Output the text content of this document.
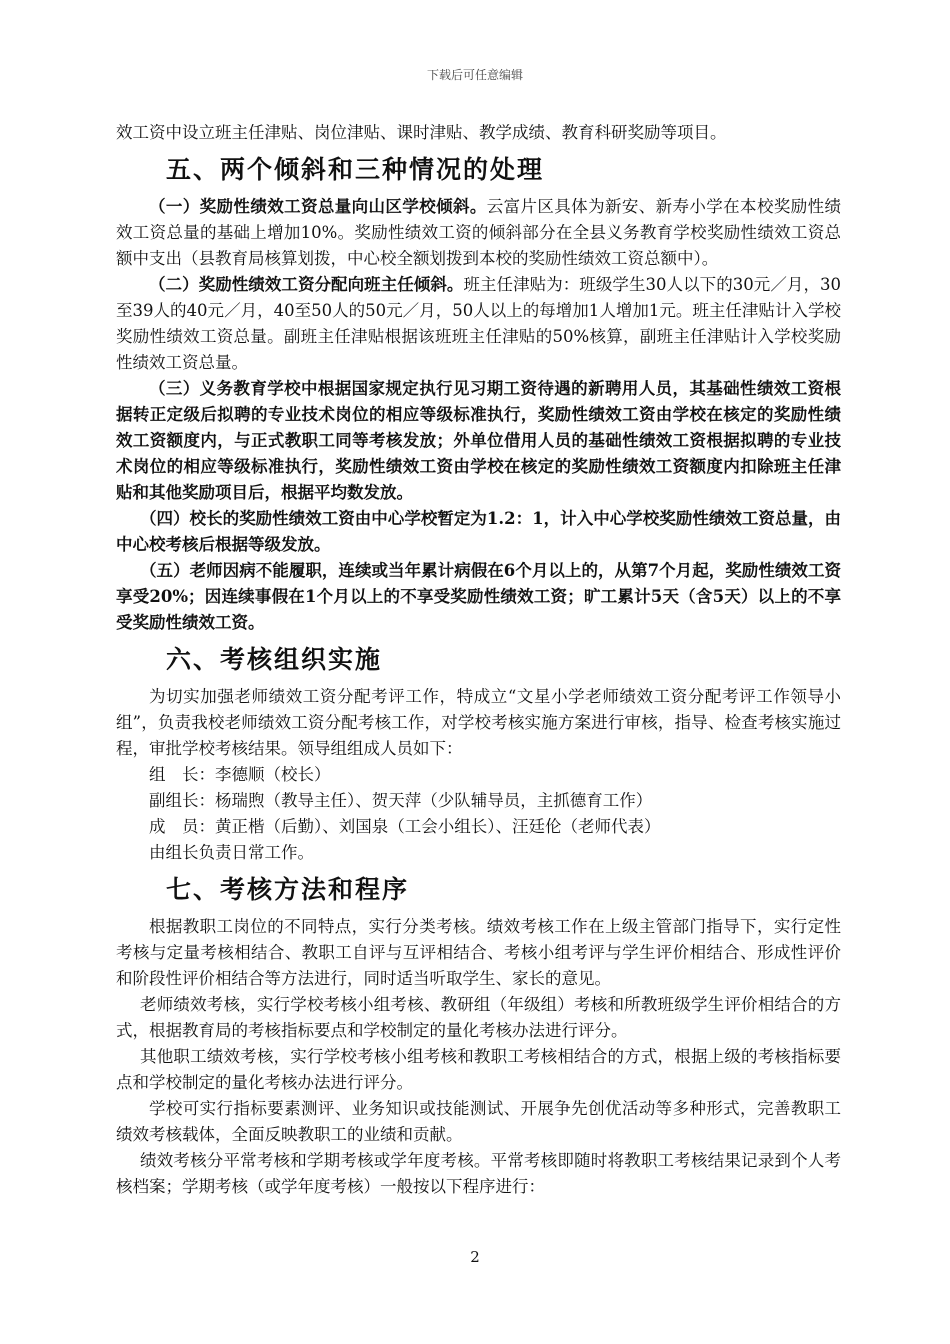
下载后可任意编辑

效工资中设立班主任津贴、岗位津贴、课时津贴、教学成绩、教育科研奖励等项目。

五、两个倾斜和三种情况的处理

（一）奖励性绩效工资总量向山区学校倾斜。云富片区具体为新安、新寿小学在本校奖励性绩效工资总量的基础上增加10%。奖励性绩效工资的倾斜部分在全县义务教育学校奖励性绩效工资总额中支出（县教育局核算划拨，中心校全额划拨到本校的奖励性绩效工资总额中）。

（二）奖励性绩效工资分配向班主任倾斜。班主任津贴为：班级学生30人以下的30元／月，30至39人的40元／月，40至50人的50元／月，50人以上的每增加1人增加1元。班主任津贴计入学校奖励性绩效工资总量。副班主任津贴根据该班班主任津贴的50%核算，副班主任津贴计入学校奖励性绩效工资总量。

（三）义务教育学校中根据国家规定执行见习期工资待遇的新聘用人员，其基础性绩效工资根据转正定级后拟聘的专业技术岗位的相应等级标准执行，奖励性绩效工资由学校在核定的奖励性绩效工资额度内，与正式教职工同等考核发放；外单位借用人员的基础性绩效工资根据拟聘的专业技术岗位的相应等级标准执行，奖励性绩效工资由学校在核定的奖励性绩效工资额度内扣除班主任津贴和其他奖励项目后，根据平均数发放。

（四）校长的奖励性绩效工资由中心学校暂定为1.2：1，计入中心学校奖励性绩效工资总量，由中心校考核后根据等级发放。

（五）老师因病不能履职，连续或当年累计病假在6个月以上的，从第7个月起，奖励性绩效工资享受20%；因连续事假在1个月以上的不享受奖励性绩效工资；旷工累计5天（含5天）以上的不享受奖励性绩效工资。

六、考核组织实施

为切实加强老师绩效工资分配考评工作，特成立“文星小学老师绩效工资分配考评工作领导小组”，负责我校老师绩效工资分配考核工作，对学校考核实施方案进行审核，指导、检查考核实施过程，审批学校考核结果。领导组组成人员如下：

组　长：李德顺（校长）

副组长：杨瑞煦（教导主任）、贺天萍（少队辅导员，主抓德育工作）

成　员：黄正楷（后勤）、刘国泉（工会小组长）、汪廷伦（老师代表）

由组长负责日常工作。

七、考核方法和程序

根据教职工岗位的不同特点，实行分类考核。绩效考核工作在上级主管部门指导下，实行定性考核与定量考核相结合、教职工自评与互评相结合、考核小组考评与学生评价相结合、形成性评价和阶段性评价相结合等方法进行，同时适当听取学生、家长的意见。

老师绩效考核，实行学校考核小组考核、教研组（年级组）考核和所教班级学生评价相结合的方式，根据教育局的考核指标要点和学校制定的量化考核办法进行评分。

其他职工绩效考核，实行学校考核小组考核和教职工考核相结合的方式，根据上级的考核指标要点和学校制定的量化考核办法进行评分。

学校可实行指标要素测评、业务知识或技能测试、开展争先创优活动等多种形式，完善教职工绩效考核载体，全面反映教职工的业绩和贡献。

绩效考核分平常考核和学期考核或学年度考核。平常考核即随时将教职工考核结果记录到个人考核档案；学期考核（或学年度考核）一般按以下程序进行：

2
